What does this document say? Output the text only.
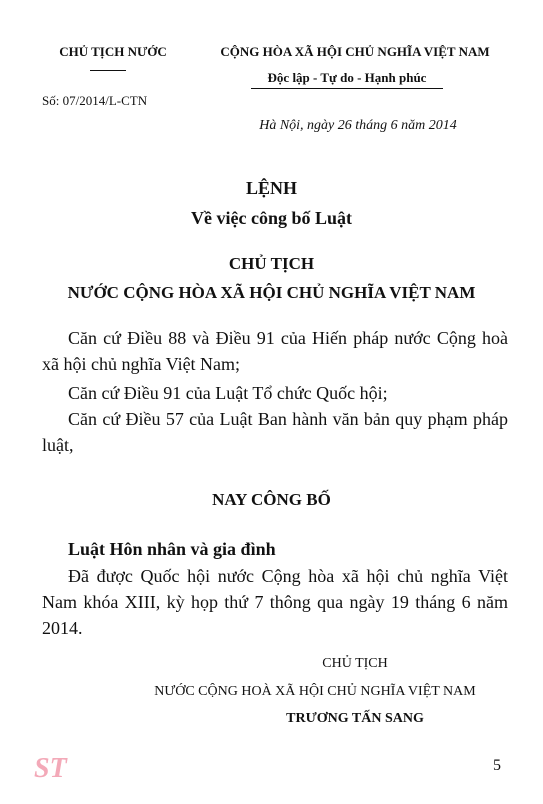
CHỦ TỊCH NƯỚC
Số: 07/2014/L-CTN
CỘNG HÒA XÃ HỘI CHỦ NGHĨA VIỆT NAM
Độc lập - Tự do - Hạnh phúc
Hà Nội, ngày 26 tháng 6 năm 2014
LỆNH
Về việc công bố Luật
CHỦ TỊCH
NƯỚC CỘNG HÒA XÃ HỘI CHỦ NGHĨA VIỆT NAM
Căn cứ Điều 88 và Điều 91 của Hiến pháp nước Cộng hoà xã hội chủ nghĩa Việt Nam;
Căn cứ Điều 91 của Luật Tổ chức Quốc hội;
Căn cứ Điều 57 của Luật Ban hành văn bản quy phạm pháp luật,
NAY CÔNG BỐ
Luật Hôn nhân và gia đình
Đã được Quốc hội nước Cộng hòa xã hội chủ nghĩa Việt Nam khóa XIII, kỳ họp thứ 7 thông qua ngày 19 tháng 6 năm 2014.
CHỦ TỊCH
NƯỚC CỘNG HOÀ XÃ HỘI CHỦ NGHĨA VIỆT NAM
TRƯƠNG TẤN SANG
ST	5
